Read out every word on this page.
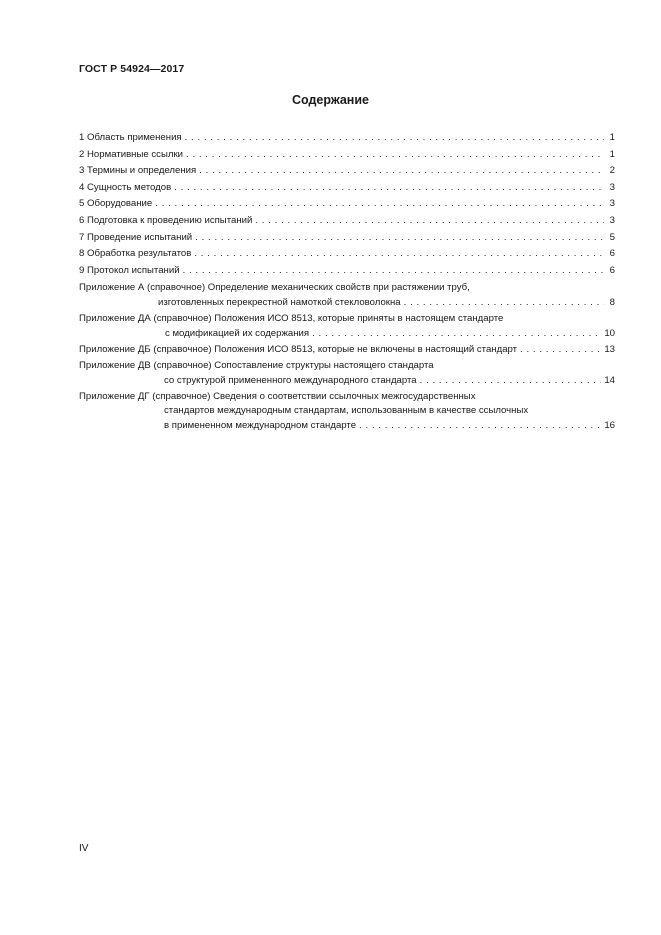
ГОСТ Р 54924—2017
Содержание
1 Область применения . . .	1
2 Нормативные ссылки . . .	1
3 Термины и определения . . .	2
4 Сущность методов . . .	3
5 Оборудование . . .	3
6 Подготовка к проведению испытаний . . .	3
7 Проведение испытаний . . .	5
8 Обработка результатов . . .	6
9 Протокол испытаний . . .	6
Приложение А (справочное) Определение механических свойств при растяжении труб,
изготовленных перекрестной намоткой стекловолокна . . .	8
Приложение ДА (справочное) Положения ИСО 8513, которые приняты в настоящем стандарте
с модификацией их содержания . . .	10
Приложение ДБ (справочное) Положения ИСО 8513, которые не включены в настоящий стандарт . . .	13
Приложение ДВ (справочное) Сопоставление структуры настоящего стандарта
со структурой примененного международного стандарта . . .	14
Приложение ДГ (справочное) Сведения о соответствии ссылочных межгосударственных
стандартов международным стандартам, использованным в качестве ссылочных
в примененном международном стандарте . . .	16
IV
